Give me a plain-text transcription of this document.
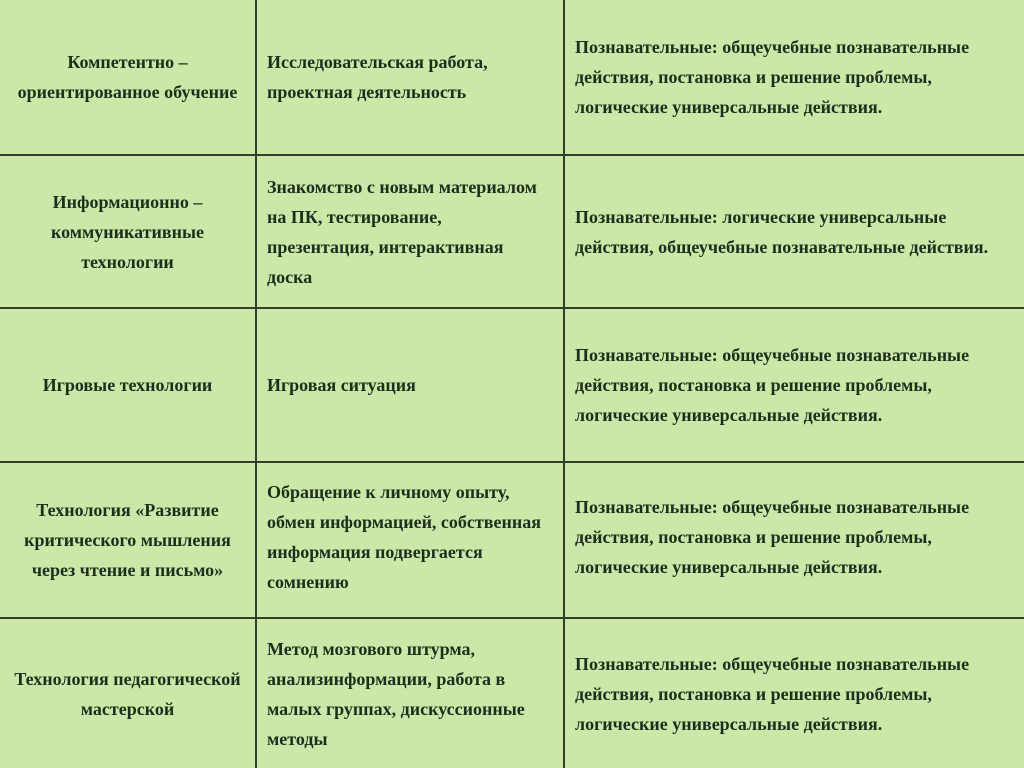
Компетентно – ориентированное обучение	Исследовательская работа, проектная деятельность	Познавательные: общеучебные познавательные действия, постановка и решение проблемы, логические универсальные действия.

Информационно – коммуникативные технологии	Знакомство с новым материалом на ПК, тестирование, презентация, интерактивная доска	Познавательные: логические универсальные действия, общеучебные познавательные действия.

Игровые технологии	Игровая ситуация	Познавательные: общеучебные познавательные действия, постановка и решение проблемы, логические универсальные действия.

Технология «Развитие критического мышления через чтение и письмо»	Обращение к личному опыту, обмен информацией, собственная информация подвергается сомнению	Познавательные: общеучебные познавательные действия, постановка и решение проблемы, логические универсальные действия.

Технология педагогической мастерской	Метод мозгового штурма, анализинформации, работа в малых группах, дискуссионные методы	Познавательные: общеучебные познавательные действия, постановка и решение проблемы, логические универсальные действия.
